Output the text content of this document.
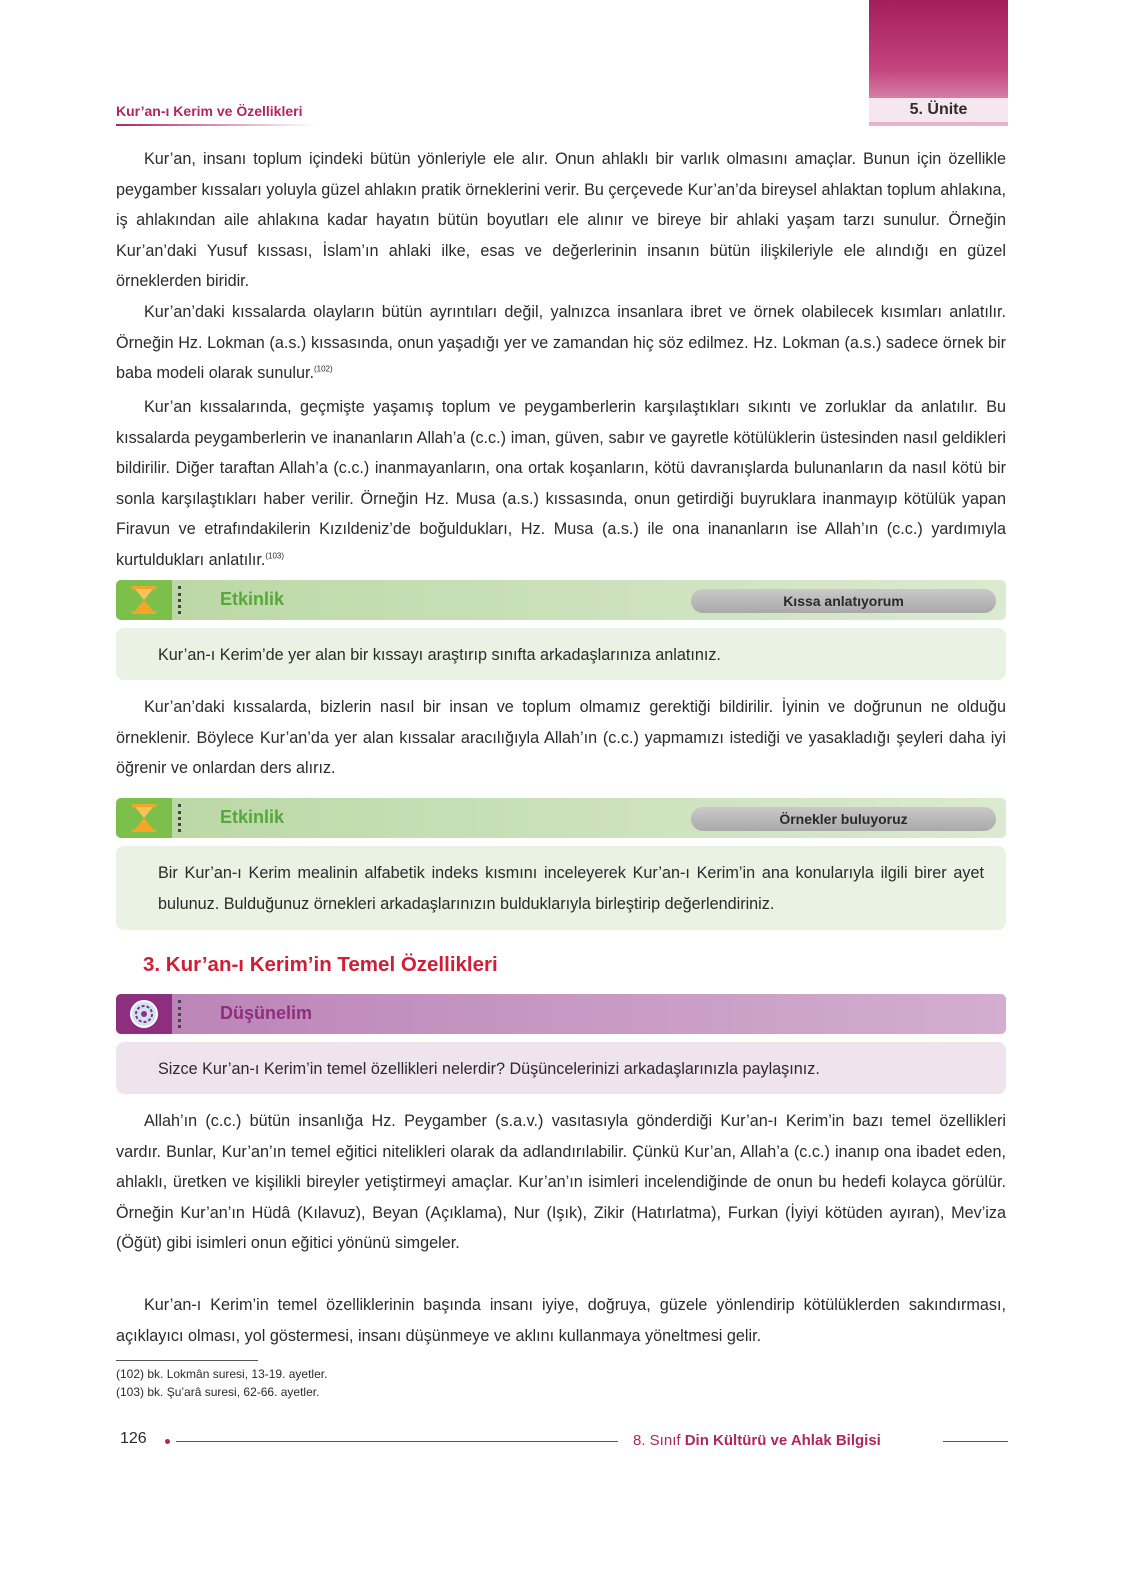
Kur’an-ı Kerim ve Özellikleri	5. Ünite

Kur’an, insanı toplum içindeki bütün yönleriyle ele alır. Onun ahlaklı bir varlık olmasını amaçlar. Bunun için özellikle peygamber kıssaları yoluyla güzel ahlakın pratik örneklerini verir. Bu çerçevede Kur’an’da bireysel ahlaktan toplum ahlakına, iş ahlakından aile ahlakına kadar hayatın bütün boyutları ele alınır ve bireye bir ahlaki yaşam tarzı sunulur. Örneğin Kur’an’daki Yusuf kıssası, İslam’ın ahlaki ilke, esas ve değerlerinin insanın bütün ilişkileriyle ele alındığı en güzel örneklerden biridir.

Kur’an’daki kıssalarda olayların bütün ayrıntıları değil, yalnızca insanlara ibret ve örnek olabilecek kısımları anlatılır. Örneğin Hz. Lokman (a.s.) kıssasında, onun yaşadığı yer ve zamandan hiç söz edilmez. Hz. Lokman (a.s.) sadece örnek bir baba modeli olarak sunulur.$^{(102)}$

Kur’an kıssalarında, geçmişte yaşamış toplum ve peygamberlerin karşılaştıkları sıkıntı ve zorluklar da anlatılır. Bu kıssalarda peygamberlerin ve inananların Allah’a (c.c.) iman, güven, sabır ve gayretle kötülüklerin üstesinden nasıl geldikleri bildirilir. Diğer taraftan Allah’a (c.c.) inanmayanların, ona ortak koşanların, kötü davranışlarda bulunanların da nasıl kötü bir sonla karşılaştıkları haber verilir. Örneğin Hz. Musa (a.s.) kıssasında, onun getirdiği buyruklara inanmayıp kötülük yapan Firavun ve etrafındakilerin Kızıldeniz’de boğuldukları, Hz. Musa (a.s.) ile ona inananların ise Allah’ın (c.c.) yardımıyla kurtuldukları anlatılır.$^{(103)}$

Etkinlik	Kıssa anlatıyorum

Kur’an-ı Kerim’de yer alan bir kıssayı araştırıp sınıfta arkadaşlarınıza anlatınız.

Kur’an’daki kıssalarda, bizlerin nasıl bir insan ve toplum olmamız gerektiği bildirilir. İyinin ve doğrunun ne olduğu örneklenir. Böylece Kur’an’da yer alan kıssalar aracılığıyla Allah’ın (c.c.) yapmamızı istediği ve yasakladığı şeyleri daha iyi öğrenir ve onlardan ders alırız.

Etkinlik	Örnekler buluyoruz

Bir Kur’an-ı Kerim mealinin alfabetik indeks kısmını inceleyerek Kur’an-ı Kerim’in ana konularıyla ilgili birer ayet bulunuz. Bulduğunuz örnekleri arkadaşlarınızın bulduklarıyla birleştirip değerlendiriniz.

3. Kur’an-ı Kerim’in Temel Özellikleri
Düşünelim

Sizce Kur’an-ı Kerim’in temel özellikleri nelerdir? Düşüncelerinizi arkadaşlarınızla paylaşınız.

Allah’ın (c.c.) bütün insanlığa Hz. Peygamber (s.a.v.) vasıtasıyla gönderdiği Kur’an-ı Kerim’in bazı temel özellikleri vardır. Bunlar, Kur’an’ın temel eğitici nitelikleri olarak da adlandırılabilir. Çünkü Kur’an, Allah’a (c.c.) inanıp ona ibadet eden, ahlaklı, üretken ve kişilikli bireyler yetiştirmeyi amaçlar. Kur’an’ın isimleri incelendiğinde de onun bu hedefi kolayca görülür. Örneğin Kur’an’ın Hüdâ (Kılavuz), Beyan (Açıklama), Nur (Işık), Zikir (Hatırlatma), Furkan (İyiyi kötüden ayıran), Mev’iza (Öğüt) gibi isimleri onun eğitici yönünü simgeler.

Kur’an-ı Kerim’in temel özelliklerinin başında insanı iyiye, doğruya, güzele yönlendirip kötülüklerden sakındırması, açıklayıcı olması, yol göstermesi, insanı düşünmeye ve aklını kullanmaya yöneltmesi gelir.

(102) bk. Lokmân suresi, 13-19. ayetler.
(103) bk. Şu’arâ suresi, 62-66. ayetler.
126	8. Sınıf Din Kültürü ve Ahlak Bilgisi
